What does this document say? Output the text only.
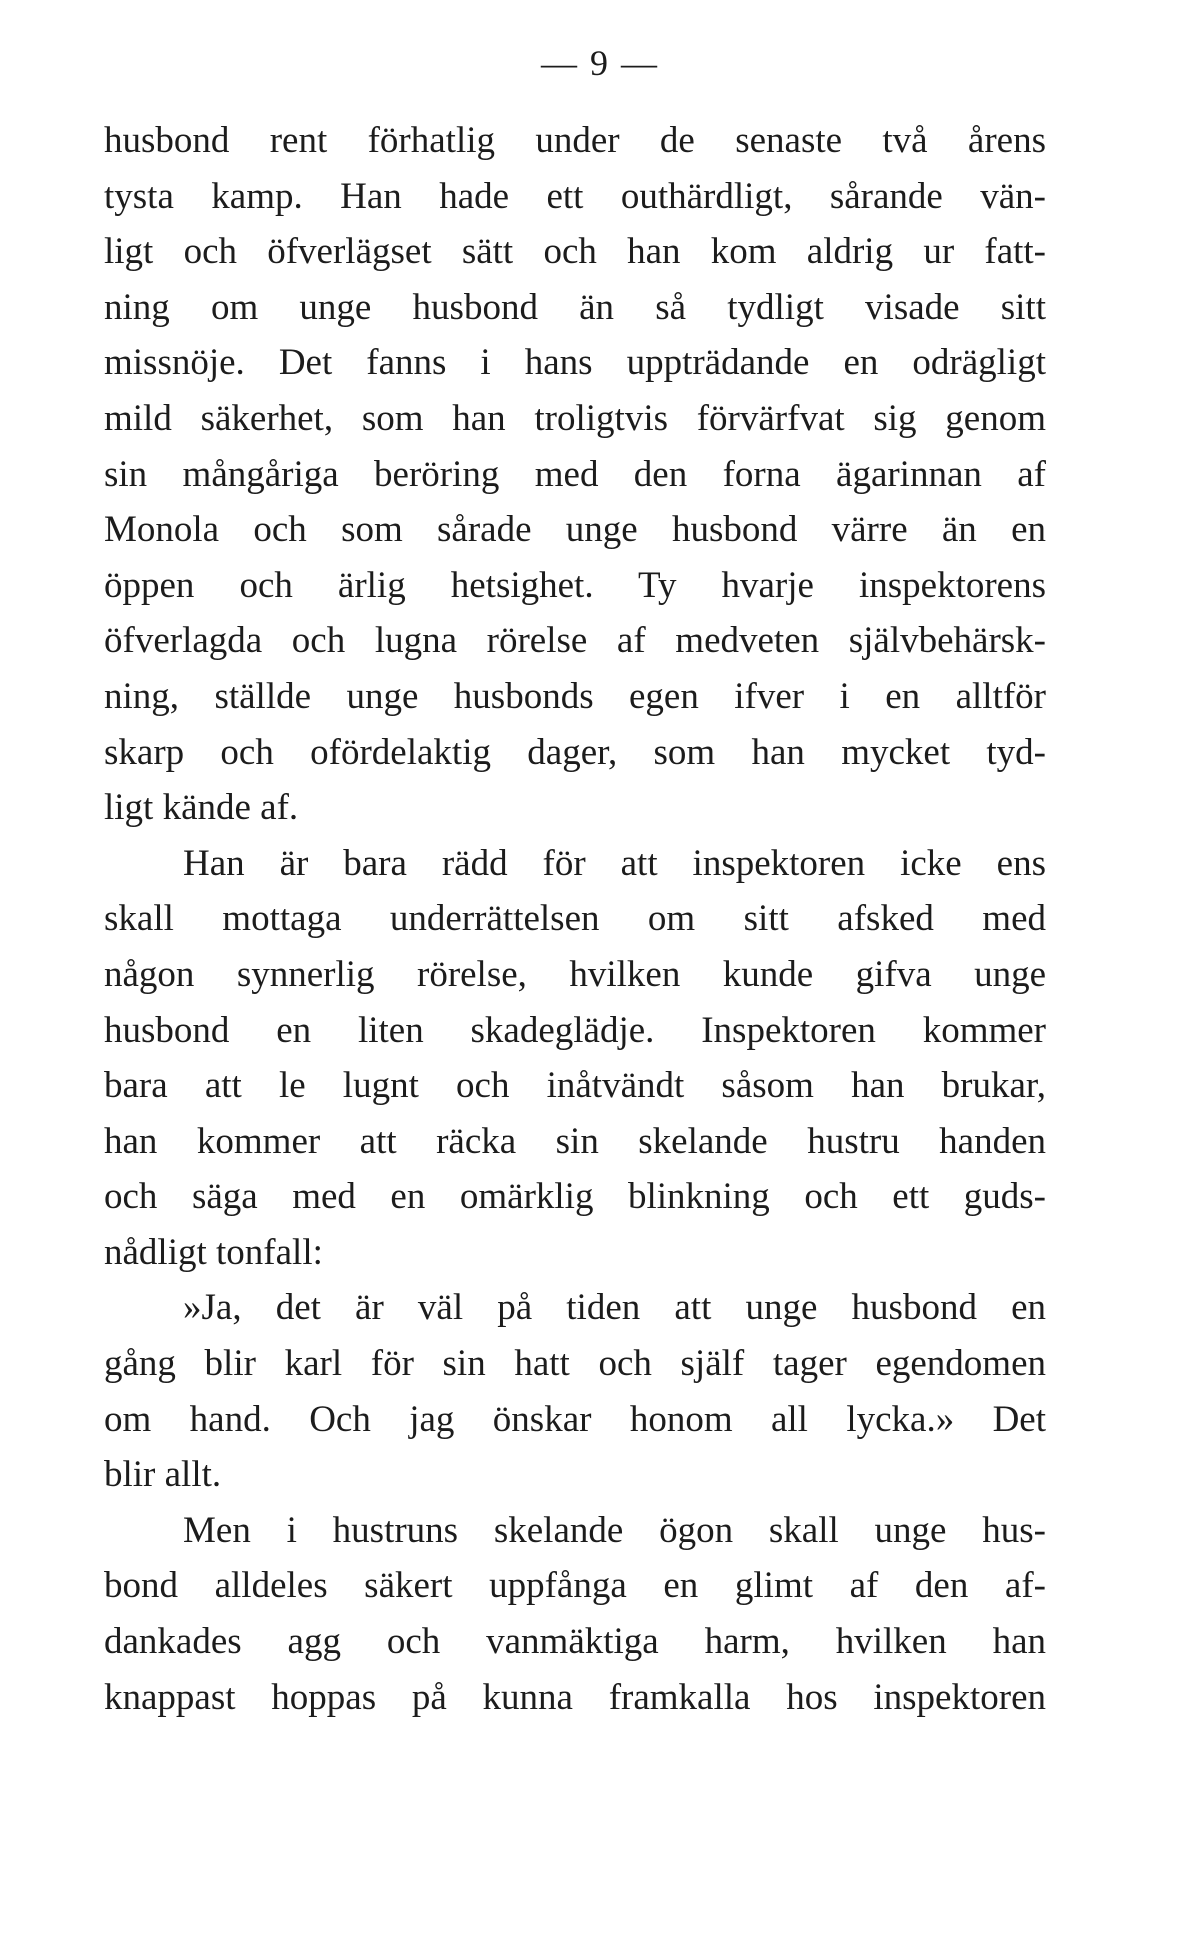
— 9 —
husbond rent förhatlig under de senaste två årens
tysta kamp. Han hade ett outhärdligt, sårande vän-
ligt och öfverlägset sätt och han kom aldrig ur fatt-
ning om unge husbond än så tydligt visade sitt
missnöje. Det fanns i hans uppträdande en odrägligt
mild säkerhet, som han troligtvis förvärfvat sig genom
sin mångåriga beröring med den forna ägarinnan af
Monola och som sårade unge husbond värre än en
öppen och ärlig hetsighet. Ty hvarje inspektorens
öfverlagda och lugna rörelse af medveten självbehärsk-
ning, ställde unge husbonds egen ifver i en alltför
skarp och ofördelaktig dager, som han mycket tyd-
ligt kände af.
Han är bara rädd för att inspektoren icke ens
skall mottaga underrättelsen om sitt afsked med
någon synnerlig rörelse, hvilken kunde gifva unge
husbond en liten skadeglädje. Inspektoren kommer
bara att le lugnt och inåtvändt såsom han brukar,
han kommer att räcka sin skelande hustru handen
och säga med en omärklig blinkning och ett guds-
nådligt tonfall:
»Ja, det är väl på tiden att unge husbond en
gång blir karl för sin hatt och själf tager egendomen
om hand. Och jag önskar honom all lycka.» Det
blir allt.
Men i hustruns skelande ögon skall unge hus-
bond alldeles säkert uppfånga en glimt af den af-
dankades agg och vanmäktiga harm, hvilken han
knappast hoppas på kunna framkalla hos inspektoren
